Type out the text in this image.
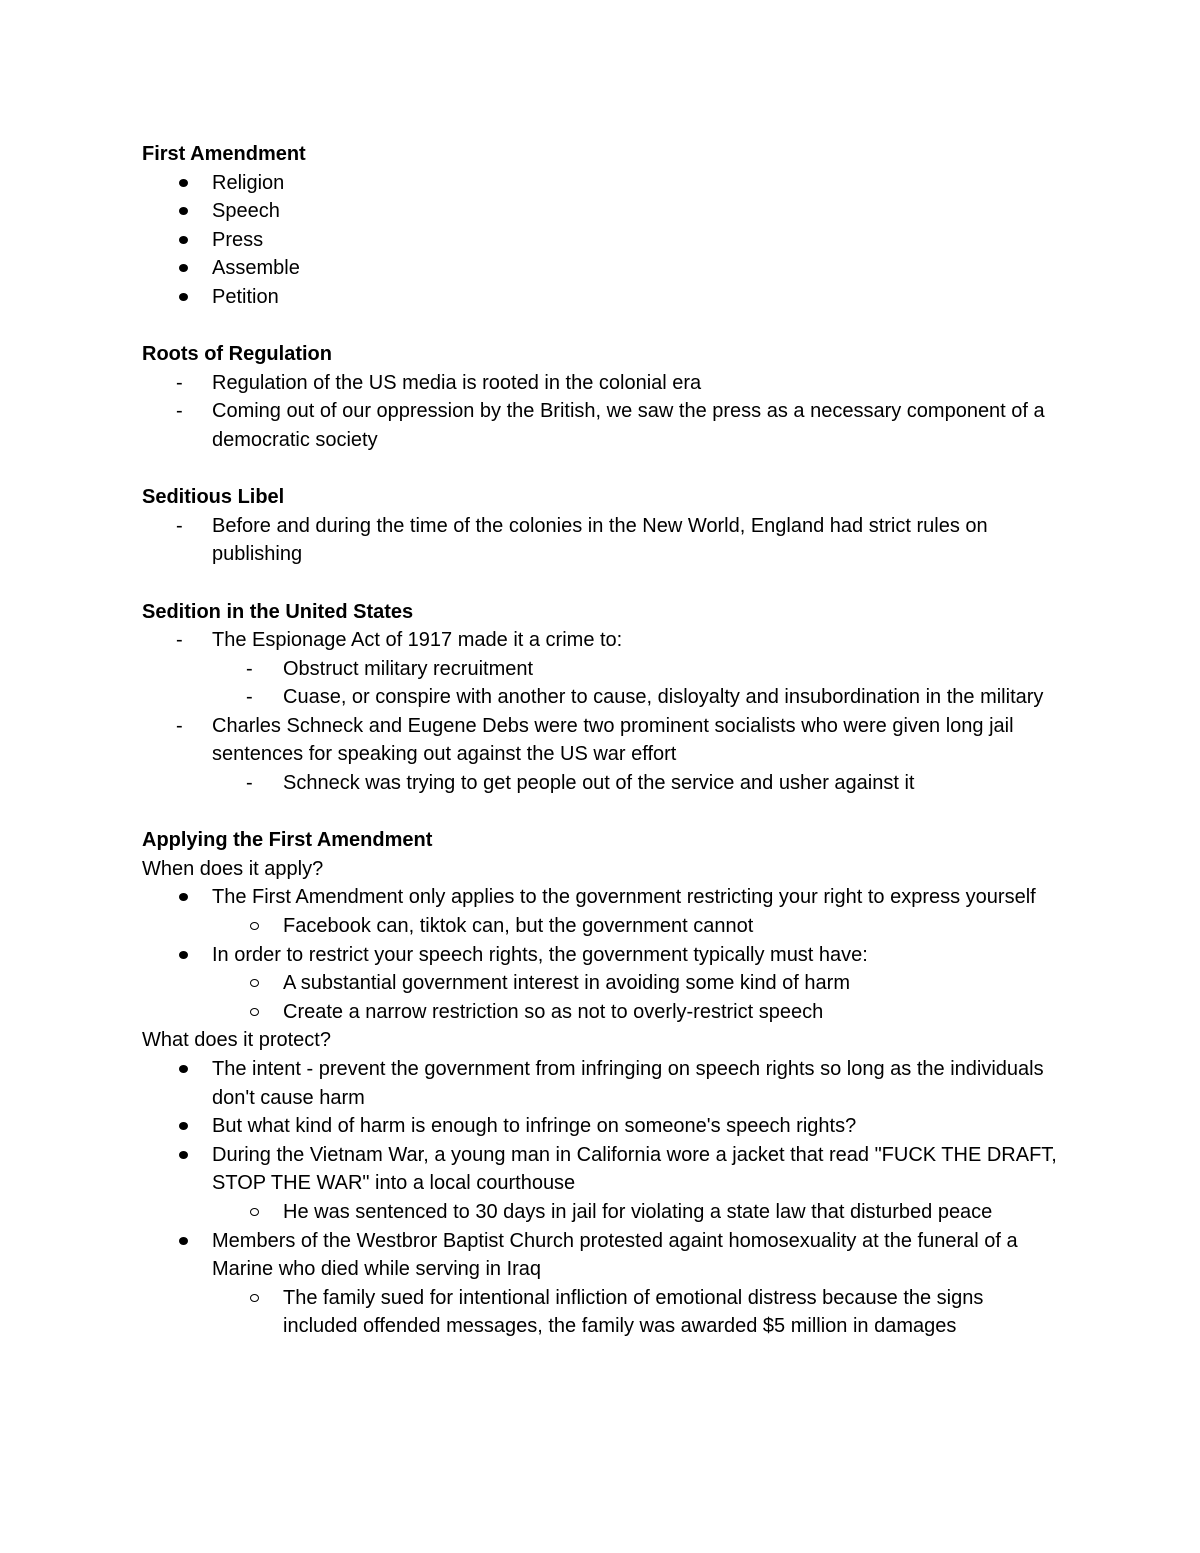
First Amendment
Religion
Speech
Press
Assemble
Petition
Roots of Regulation
- Regulation of the US media is rooted in the colonial era
- Coming out of our oppression by the British, we saw the press as a necessary component of a democratic society
Seditious Libel
- Before and during the time of the colonies in the New World, England had strict rules on publishing
Sedition in the United States
- The Espionage Act of 1917 made it a crime to:
- Obstruct military recruitment
- Cuase, or conspire with another to cause, disloyalty and insubordination in the military
- Charles Schneck and Eugene Debs were two prominent socialists who were given long jail sentences for speaking out against the US war effort
- Schneck was trying to get people out of the service and usher against it
Applying the First Amendment
When does it apply?
The First Amendment only applies to the government restricting your right to express yourself
Facebook can, tiktok can, but the government cannot
In order to restrict your speech rights, the government typically must have:
A substantial government interest in avoiding some kind of harm
Create a narrow restriction so as not to overly-restrict speech
What does it protect?
The intent - prevent the government from infringing on speech rights so long as the individuals don't cause harm
But what kind of harm is enough to infringe on someone's speech rights?
During the Vietnam War, a young man in California wore a jacket that read "FUCK THE DRAFT, STOP THE WAR" into a local courthouse
He was sentenced to 30 days in jail for violating a state law that disturbed peace
Members of the Westbror Baptist Church protested againt homosexuality at the funeral of a Marine who died while serving in Iraq
The family sued for intentional infliction of emotional distress because the signs included offended messages, the family was awarded $5 million in damages
